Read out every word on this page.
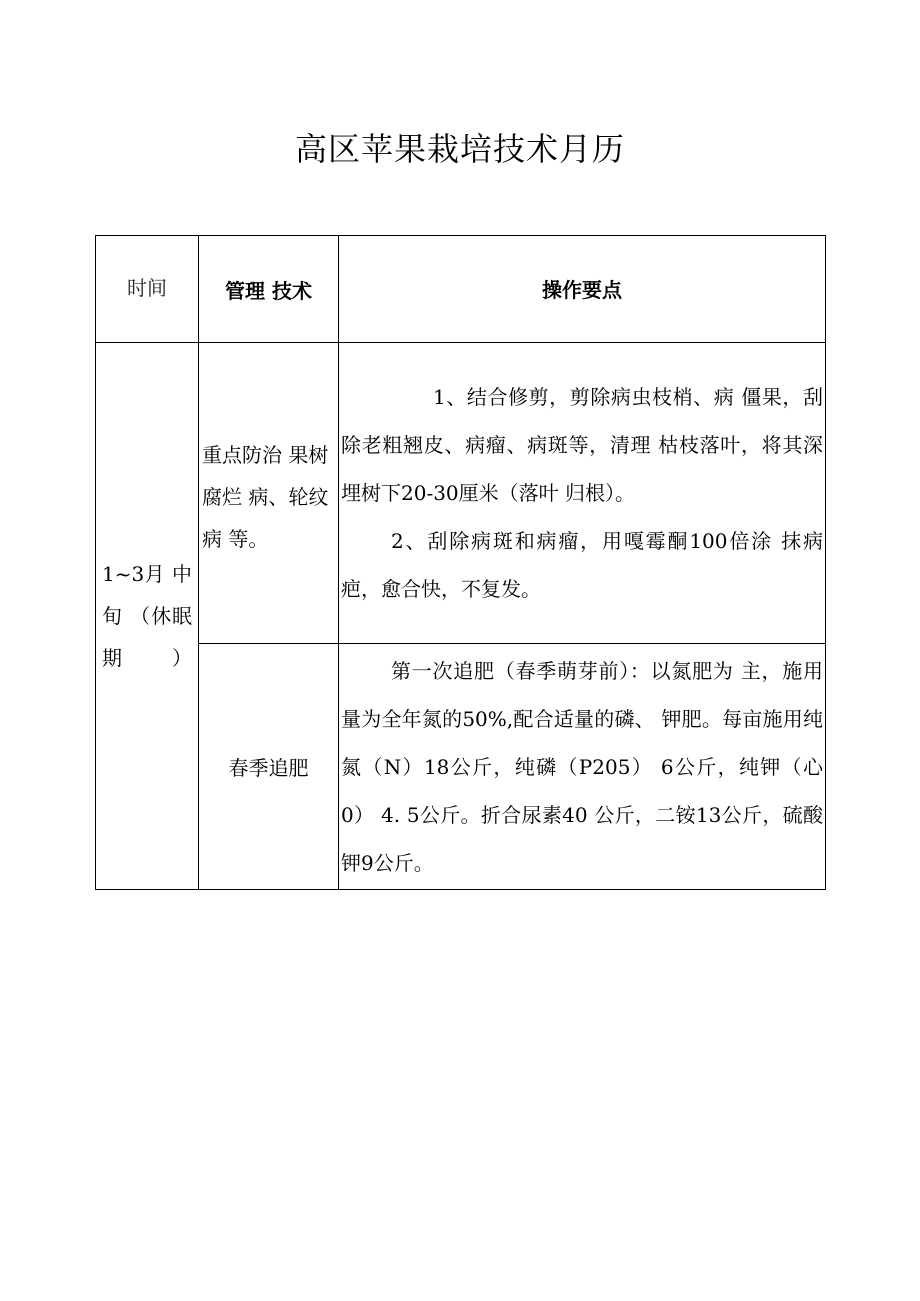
高区苹果栽培技术月历
时间	管理 技术	操作要点
1~3月 中旬 （休眠 期）	重点防治 果树腐烂 病、轮纹病 等。	1、结合修剪，剪除病虫枝梢、病 僵果，刮除老粗翘皮、病瘤、病斑等，清理 枯枝落叶，将其深埋树下20-30厘米（落叶 归根）。

2、刮除病斑和病瘤，用嘎霉酮100倍涂 抹病疤，愈合快，不复发。

	春季追肥	第一次追肥（春季萌芽前）：以氮肥为 主，施用量为全年氮的50%,配合适量的磷、 钾肥。每亩施用纯氮（N）18公斤，纯磷（P205） 6公斤，纯钾（心0） 4. 5公斤。折合尿素40 公斤，二铵13公斤，硫酸钾9公斤。
